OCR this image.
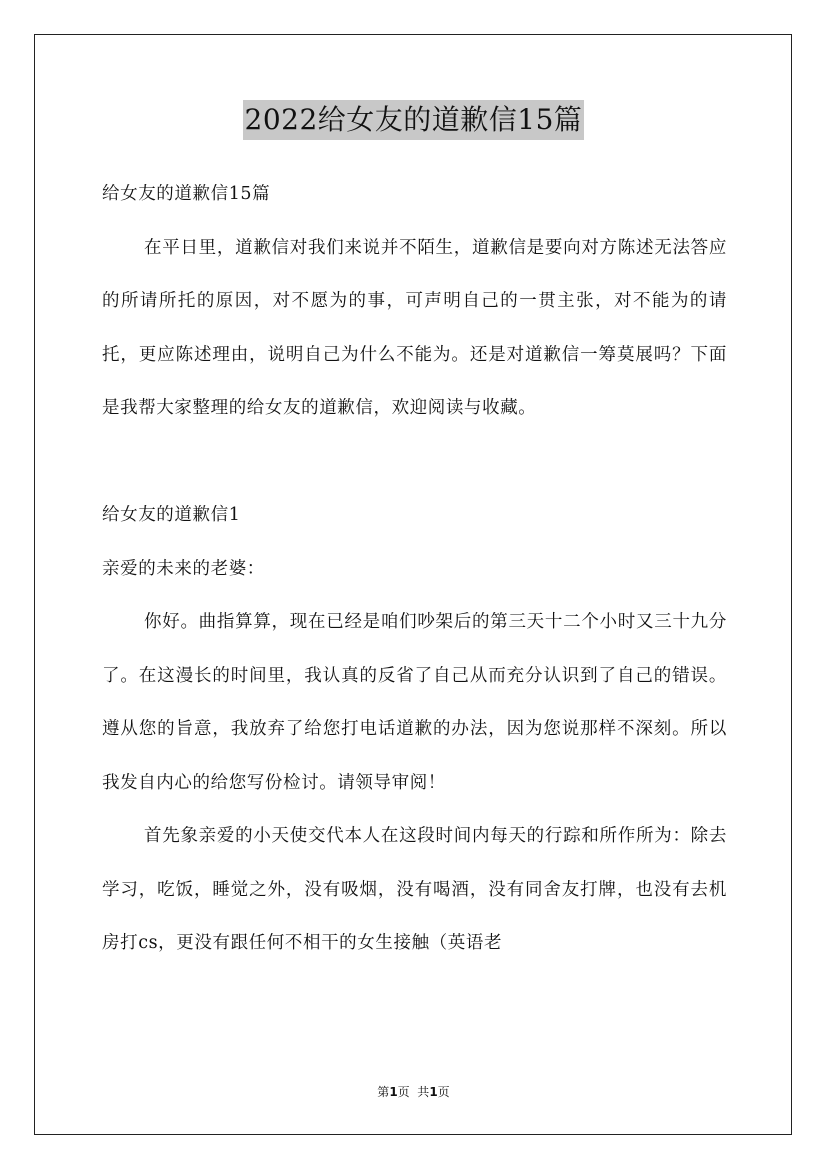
2022给女友的道歉信15篇

给女友的道歉信15篇

在平日里，道歉信对我们来说并不陌生，道歉信是要向对方陈述无法答应的所请所托的原因，对不愿为的事，可声明自己的一贯主张，对不能为的请托，更应陈述理由，说明自己为什么不能为。还是对道歉信一筹莫展吗？下面是我帮大家整理的给女友的道歉信，欢迎阅读与收藏。

给女友的道歉信1

亲爱的未来的老婆：

你好。曲指算算，现在已经是咱们吵架后的第三天十二个小时又三十九分了。在这漫长的时间里，我认真的反省了自己从而充分认识到了自己的错误。遵从您的旨意，我放弃了给您打电话道歉的办法，因为您说那样不深刻。所以我发自内心的给您写份检讨。请领导审阅！

首先象亲爱的小天使交代本人在这段时间内每天的行踪和所作所为：除去学习，吃饭，睡觉之外，没有吸烟，没有喝酒，没有同舍友打牌，也没有去机房打cs，更没有跟任何不相干的女生接触（英语老

第1页  共1页
